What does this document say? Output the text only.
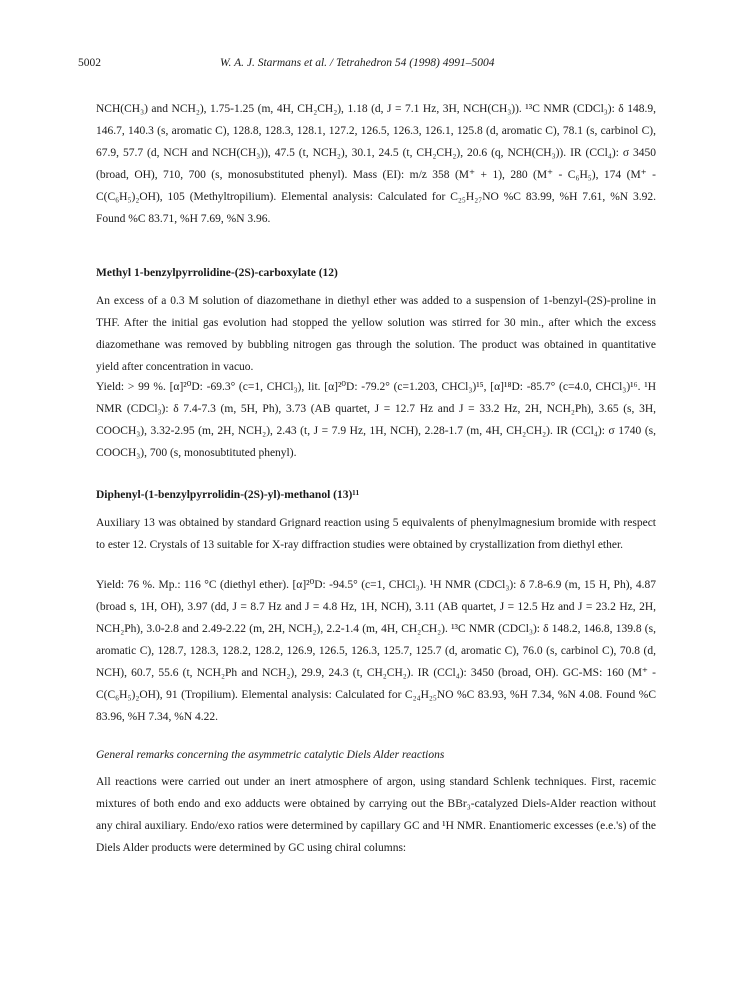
5002	W. A. J. Starmans et al. / Tetrahedron 54 (1998) 4991–5004
NCH(CH₃) and NCH₂), 1.75-1.25 (m, 4H, CH₂CH₂), 1.18 (d, J = 7.1 Hz, 3H, NCH(CH₃)). ¹³C NMR (CDCl₃): δ 148.9, 146.7, 140.3 (s, aromatic C), 128.8, 128.3, 128.1, 127.2, 126.5, 126.3, 126.1, 125.8 (d, aromatic C), 78.1 (s, carbinol C), 67.9, 57.7 (d, NCH and NCH(CH₃)), 47.5 (t, NCH₂), 30.1, 24.5 (t, CH₂CH₂), 20.6 (q, NCH(CH₃)). IR (CCl₄): σ 3450 (broad, OH), 710, 700 (s, monosubstituted phenyl). Mass (EI): m/z 358 (M⁺ + 1), 280 (M⁺ - C₆H₅), 174 (M⁺ - C(C₆H₅)₂OH), 105 (Methyltropilium). Elemental analysis: Calculated for C₂₅H₂₇NO %C 83.99, %H 7.61, %N 3.92. Found %C 83.71, %H 7.69, %N 3.96.
Methyl 1-benzylpyrrolidine-(2S)-carboxylate (12)
An excess of a 0.3 M solution of diazomethane in diethyl ether was added to a suspension of 1-benzyl-(2S)-proline in THF. After the initial gas evolution had stopped the yellow solution was stirred for 30 min., after which the excess diazomethane was removed by bubbling nitrogen gas through the solution. The product was obtained in quantitative yield after concentration in vacuo.
Yield: > 99 %. [α]²⁰D: -69.3° (c=1, CHCl₃), lit. [α]²⁰D: -79.2° (c=1.203, CHCl₃)¹⁵, [α]¹⁸D: -85.7° (c=4.0, CHCl₃)¹⁶. ¹H NMR (CDCl₃): δ 7.4-7.3 (m, 5H, Ph), 3.73 (AB quartet, J = 12.7 Hz and J = 33.2 Hz, 2H, NCH₂Ph), 3.65 (s, 3H, COOCH₃), 3.32-2.95 (m, 2H, NCH₂), 2.43 (t, J = 7.9 Hz, 1H, NCH), 2.28-1.7 (m, 4H, CH₂CH₂). IR (CCl₄): σ 1740 (s, COOCH₃), 700 (s, monosubtituted phenyl).
Diphenyl-(1-benzylpyrrolidin-(2S)-yl)-methanol (13)¹¹
Auxiliary 13 was obtained by standard Grignard reaction using 5 equivalents of phenylmagnesium bromide with respect to ester 12. Crystals of 13 suitable for X-ray diffraction studies were obtained by crystallization from diethyl ether.
Yield: 76 %. Mp.: 116 °C (diethyl ether). [α]²⁰D: -94.5° (c=1, CHCl₃). ¹H NMR (CDCl₃): δ 7.8-6.9 (m, 15 H, Ph), 4.87 (broad s, 1H, OH), 3.97 (dd, J = 8.7 Hz and J = 4.8 Hz, 1H, NCH), 3.11 (AB quartet, J = 12.5 Hz and J = 23.2 Hz, 2H, NCH₂Ph), 3.0-2.8 and 2.49-2.22 (m, 2H, NCH₂), 2.2-1.4 (m, 4H, CH₂CH₂). ¹³C NMR (CDCl₃): δ 148.2, 146.8, 139.8 (s, aromatic C), 128.7, 128.3, 128.2, 128.2, 126.9, 126.5, 126.3, 125.7, 125.7 (d, aromatic C), 76.0 (s, carbinol C), 70.8 (d, NCH), 60.7, 55.6 (t, NCH₂Ph and NCH₂), 29.9, 24.3 (t, CH₂CH₂). IR (CCl₄): 3450 (broad, OH). GC-MS: 160 (M⁺ - C(C₆H₅)₂OH), 91 (Tropilium). Elemental analysis: Calculated for C₂₄H₂₅NO %C 83.93, %H 7.34, %N 4.08. Found %C 83.96, %H 7.34, %N 4.22.
General remarks concerning the asymmetric catalytic Diels Alder reactions
All reactions were carried out under an inert atmosphere of argon, using standard Schlenk techniques. First, racemic mixtures of both endo and exo adducts were obtained by carrying out the BBr₃-catalyzed Diels-Alder reaction without any chiral auxiliary. Endo/exo ratios were determined by capillary GC and ¹H NMR. Enantiomeric excesses (e.e.'s) of the Diels Alder products were determined by GC using chiral columns:
